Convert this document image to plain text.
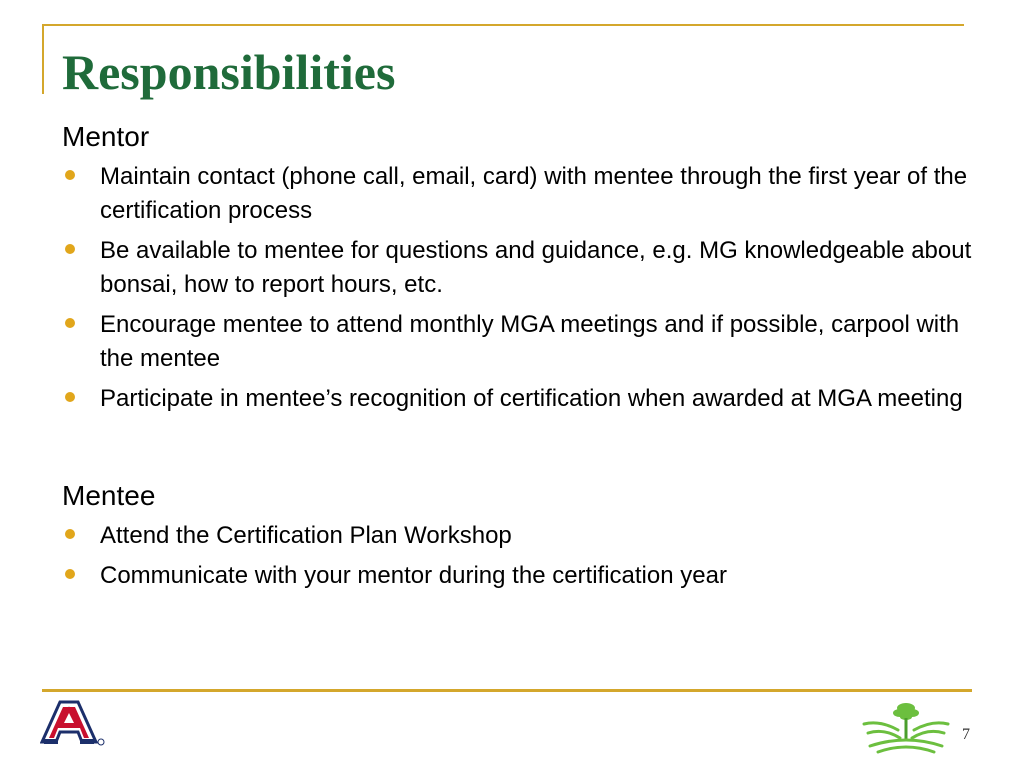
Responsibilities

Mentor

Maintain contact (phone call, email, card) with mentee through the first year of the certification process
Be available to mentee for questions and guidance, e.g. MG knowledgeable about bonsai, how to report hours, etc.
Encourage mentee to attend monthly MGA meetings and if possible, carpool with the mentee
Participate in mentee’s recognition of certification when awarded at MGA meeting

Mentee

Attend the Certification Plan Workshop
Communicate with your mentor during the certification year
7
